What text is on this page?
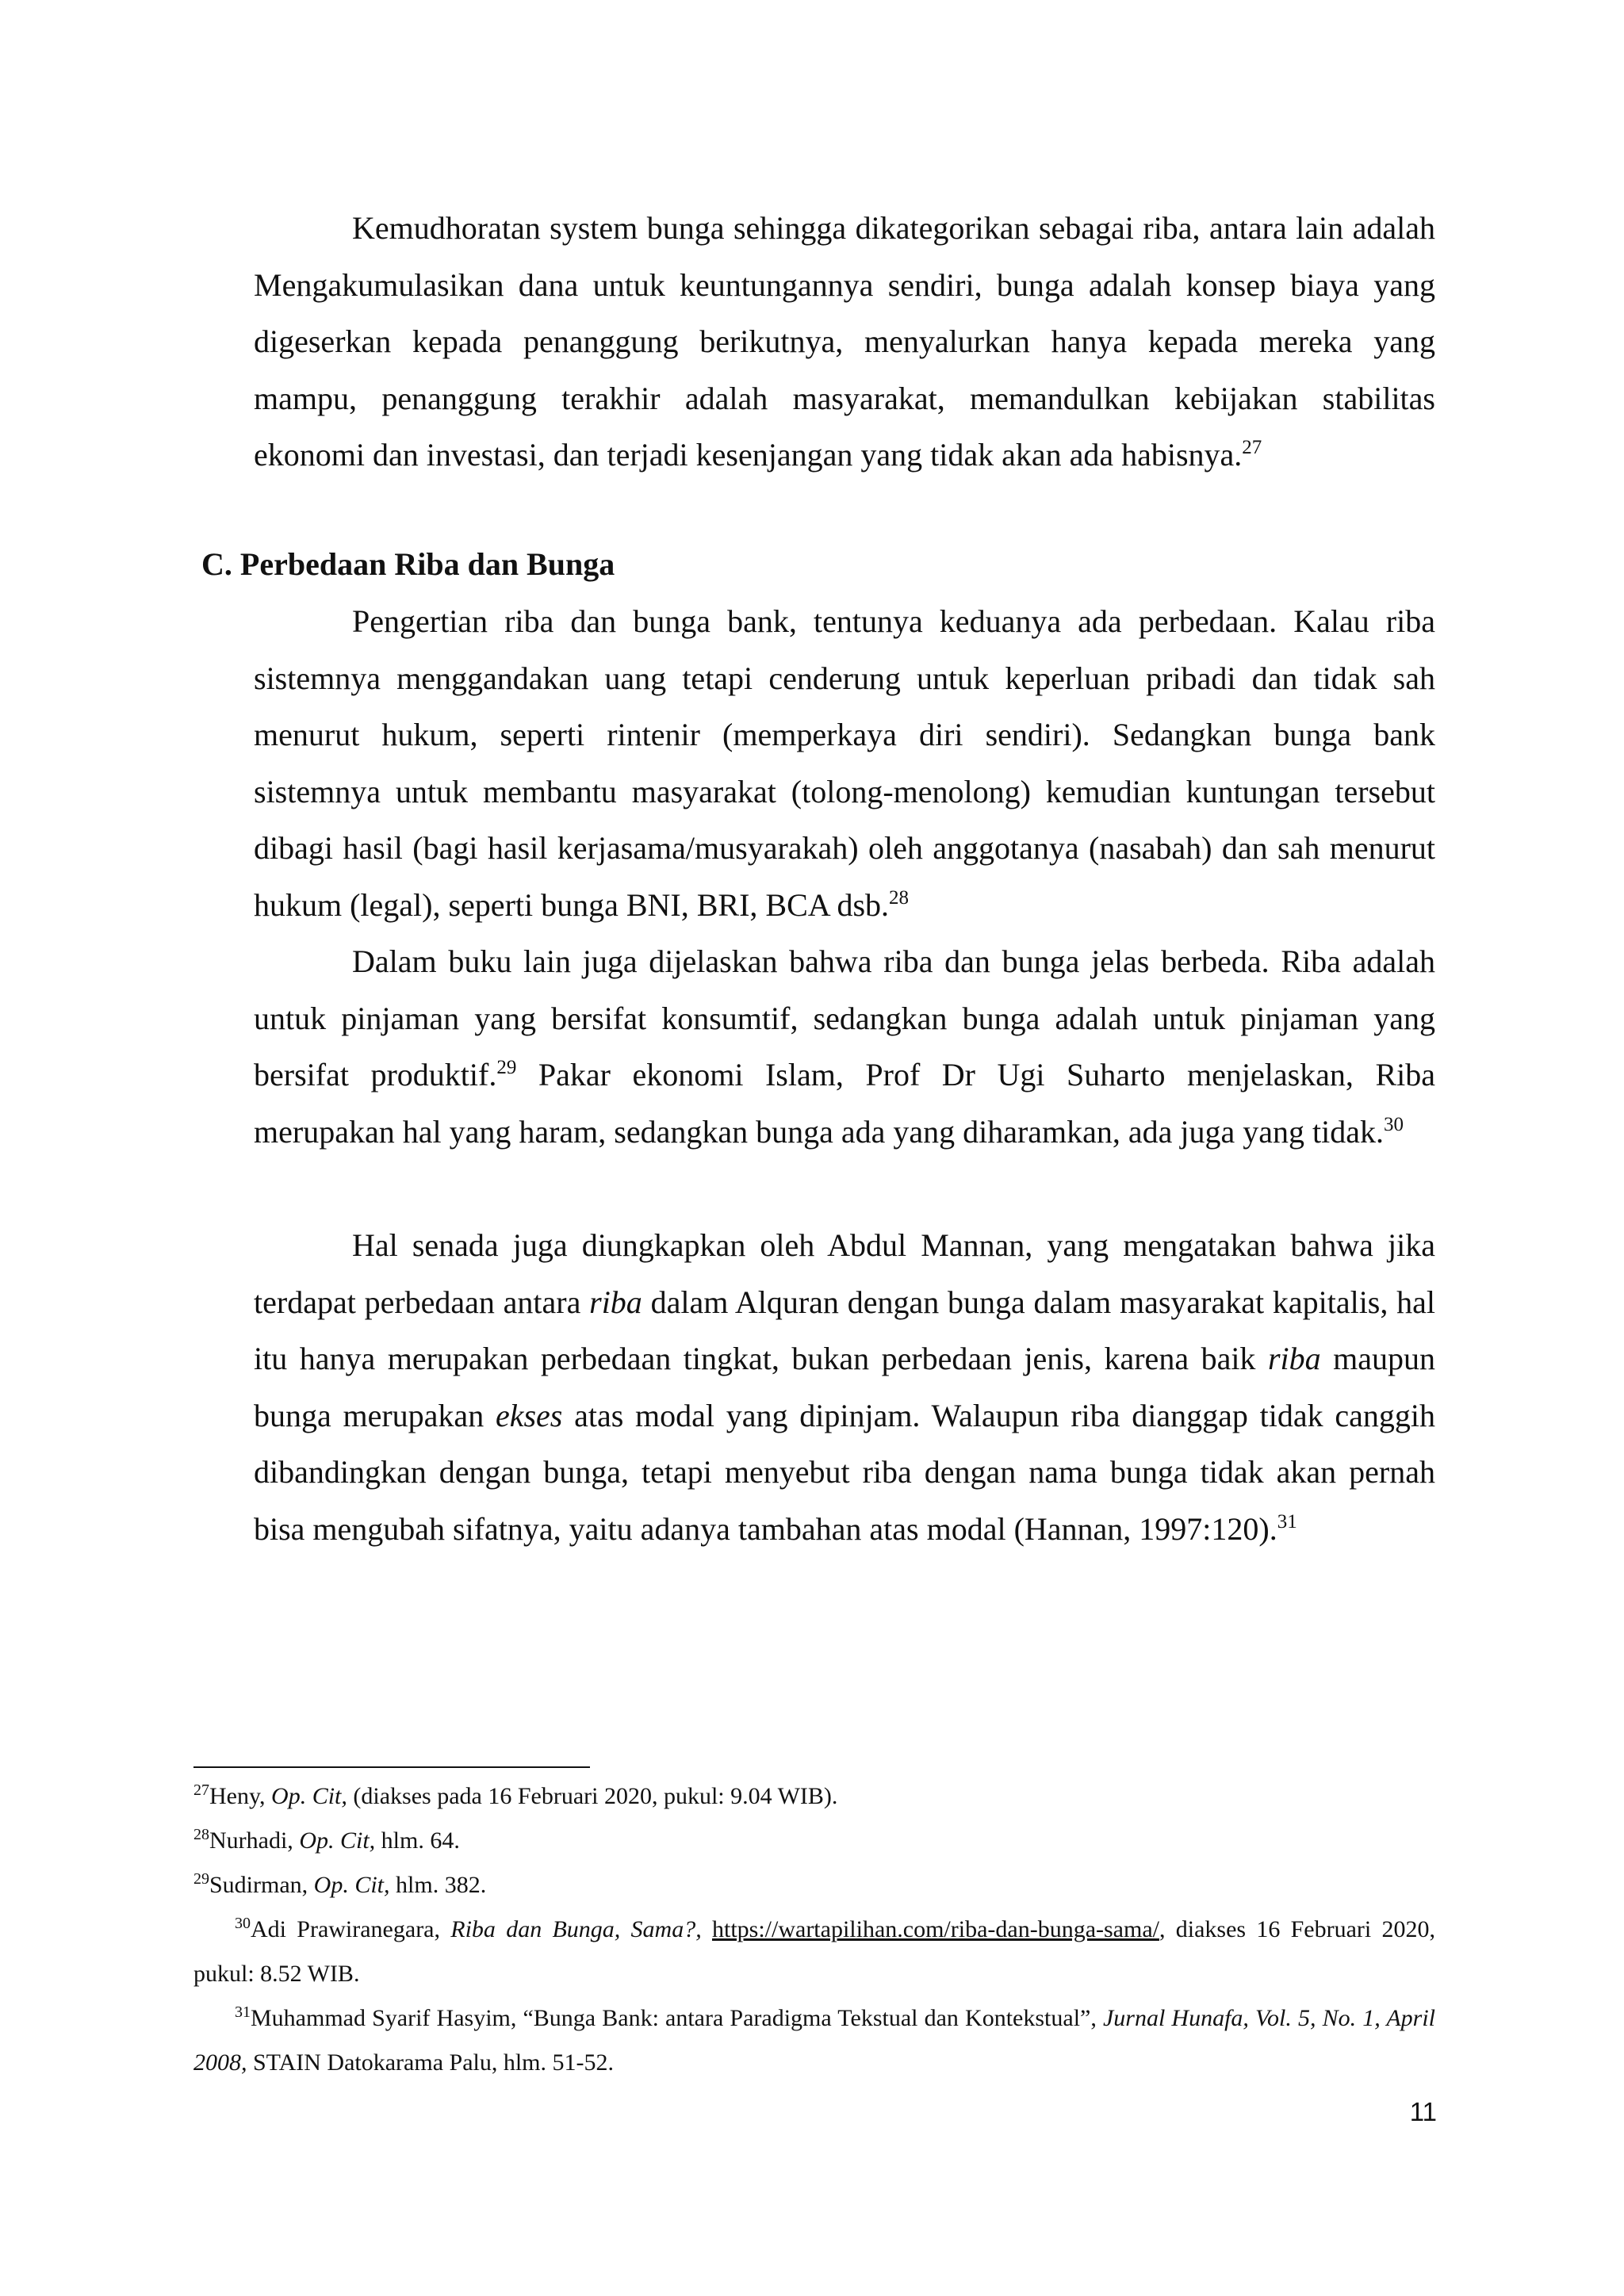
Kemudhoratan system bunga sehingga dikategorikan sebagai riba, antara lain adalah Mengakumulasikan dana untuk keuntungannya sendiri, bunga adalah konsep biaya yang digeserkan kepada penanggung berikutnya, menyalurkan hanya kepada mereka yang mampu, penanggung terakhir adalah masyarakat, memandulkan kebijakan stabilitas ekonomi dan investasi, dan terjadi kesenjangan yang tidak akan ada habisnya.$^{27}$

C. Perbedaan Riba dan Bunga

Pengertian riba dan bunga bank, tentunya keduanya ada perbedaan. Kalau riba sistemnya menggandakan uang tetapi cenderung untuk keperluan pribadi dan tidak sah menurut hukum, seperti rintenir (memperkaya diri sendiri). Sedangkan bunga bank sistemnya untuk membantu masyarakat (tolong-menolong) kemudian kuntungan tersebut dibagi hasil (bagi hasil kerjasama/musyarakah) oleh anggotanya (nasabah) dan sah menurut hukum (legal), seperti bunga BNI, BRI, BCA dsb.$^{28}$

Dalam buku lain juga dijelaskan bahwa riba dan bunga jelas berbeda. Riba adalah untuk pinjaman yang bersifat konsumtif, sedangkan bunga adalah untuk pinjaman yang bersifat produktif.$^{29}$ Pakar ekonomi Islam, Prof Dr Ugi Suharto menjelaskan, Riba merupakan hal yang haram, sedangkan bunga ada yang diharamkan, ada juga yang tidak.$^{30}$

Hal senada juga diungkapkan oleh Abdul Mannan, yang mengatakan bahwa jika terdapat perbedaan antara riba dalam Alquran dengan bunga dalam masyarakat kapitalis, hal itu hanya merupakan perbedaan tingkat, bukan perbedaan jenis, karena baik riba maupun bunga merupakan ekses atas modal yang dipinjam. Walaupun riba dianggap tidak canggih dibandingkan dengan bunga, tetapi menyebut riba dengan nama bunga tidak akan pernah bisa mengubah sifatnya, yaitu adanya tambahan atas modal (Hannan, 1997:120).$^{31}$

$^{27}$Heny, Op. Cit, (diakses pada 16 Februari 2020, pukul: 9.04 WIB).

$^{28}$Nurhadi, Op. Cit, hlm. 64.

$^{29}$Sudirman, Op. Cit, hlm. 382.

$^{30}$Adi Prawiranegara, Riba dan Bunga, Sama?, https://wartapilihan.com/riba-dan-bunga-sama/, diakses 16 Februari 2020, pukul: 8.52 WIB.

$^{31}$Muhammad Syarif Hasyim, “Bunga Bank: antara Paradigma Tekstual dan Kontekstual”, Jurnal Hunafa, Vol. 5, No. 1, April 2008, STAIN Datokarama Palu, hlm. 51-52.

11
